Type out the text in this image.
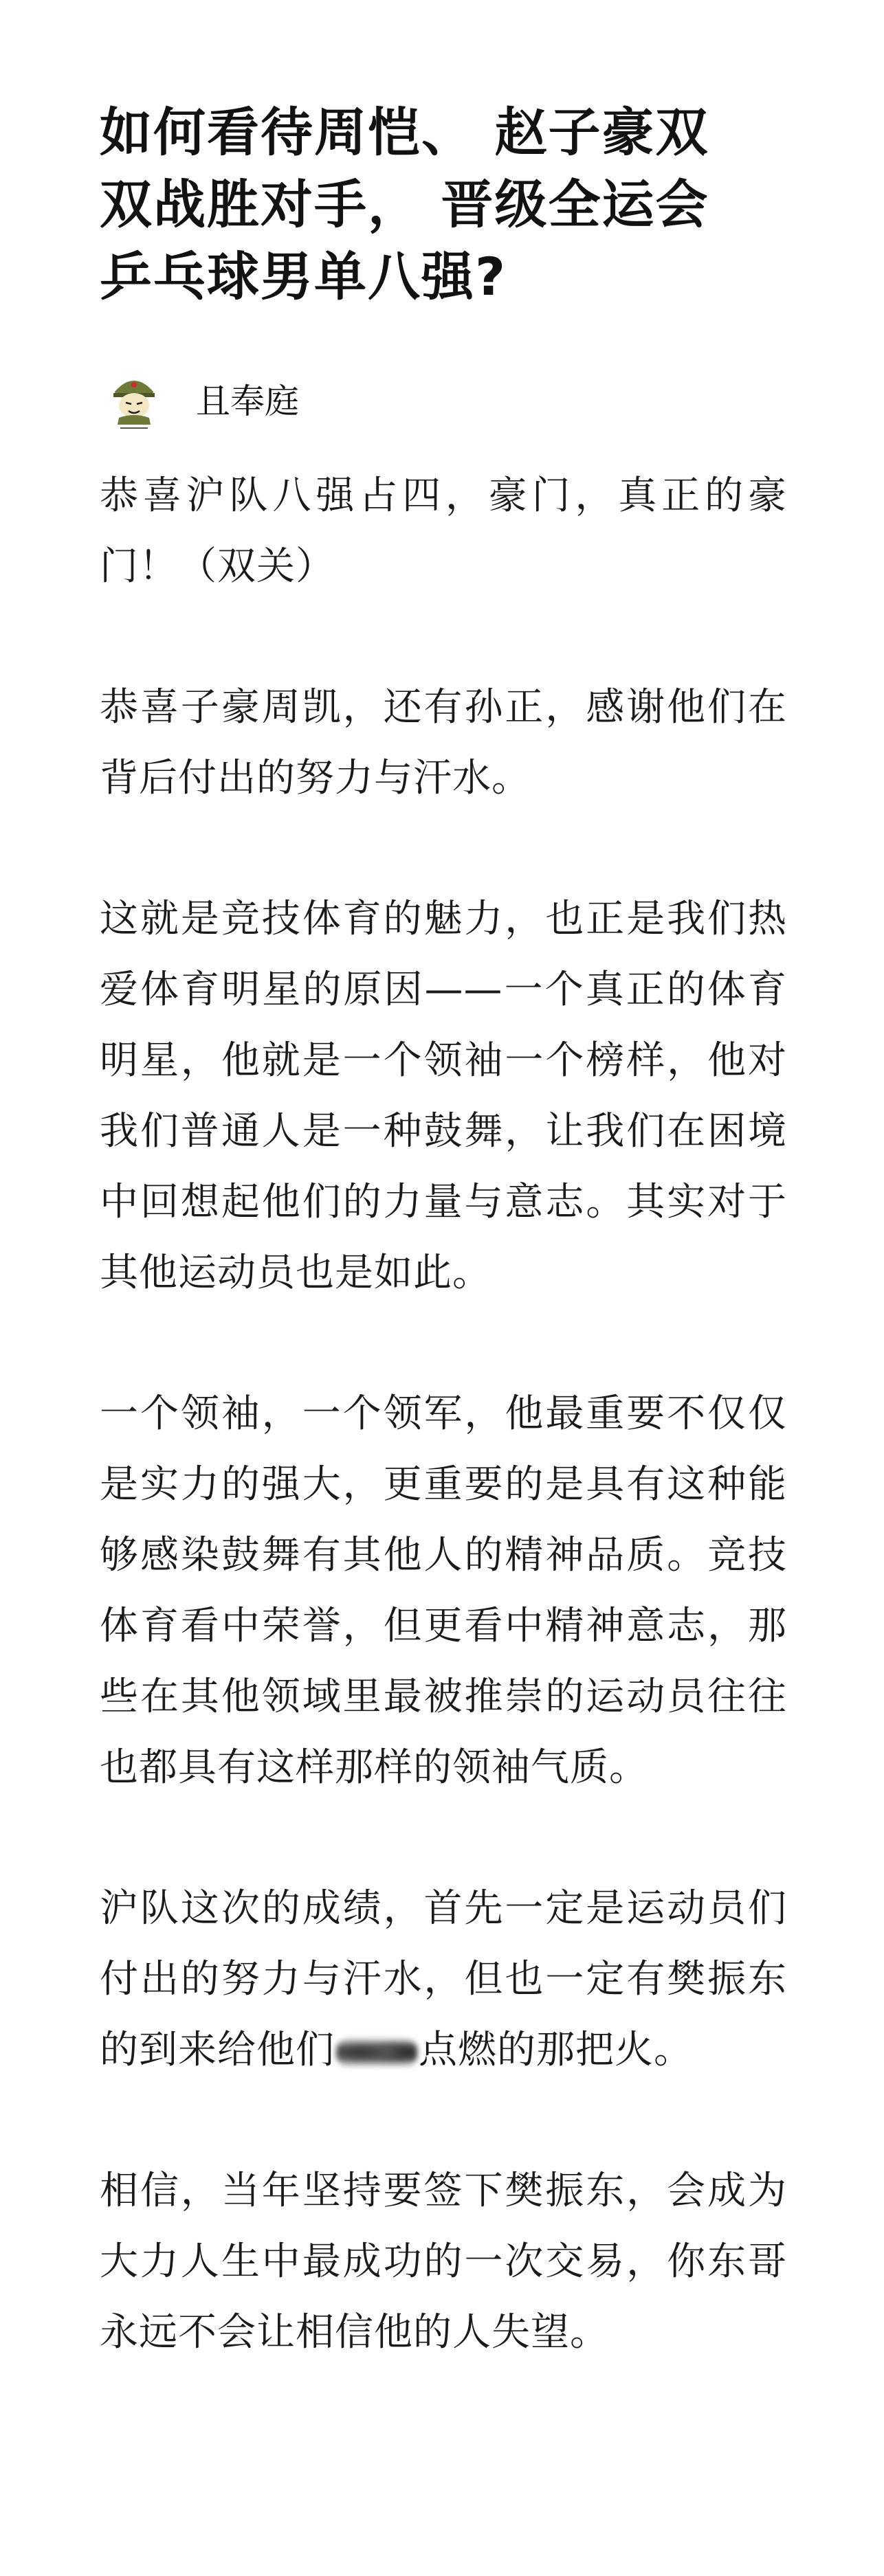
如何看待周恺、 赵子豪双
双战胜对手， 晋级全运会
乒乓球男单八强?
且奉庭

恭喜沪队八强占四，豪门，真正的豪门！（双关）

恭喜子豪周凯，还有孙正，感谢他们在背后付出的努力与汗水。

这就是竞技体育的魅力，也正是我们热爱体育明星的原因——一个真正的体育明星，他就是一个领袖一个榜样，他对我们普通人是一种鼓舞，让我们在困境中回想起他们的力量与意志。其实对于其他运动员也是如此。

一个领袖，一个领军，他最重要不仅仅是实力的强大，更重要的是具有这种能够感染鼓舞有其他人的精神品质。竞技体育看中荣誉，但更看中精神意志，那些在其他领域里最被推崇的运动员往往也都具有这样那样的领袖气质。

沪队这次的成绩，首先一定是运动员们付出的努力与汗水，但也一定有樊振东的到来给他们 点燃的那把火。

相信，当年坚持要签下樊振东，会成为大力人生中最成功的一次交易，你东哥永远不会让相信他的人失望。
